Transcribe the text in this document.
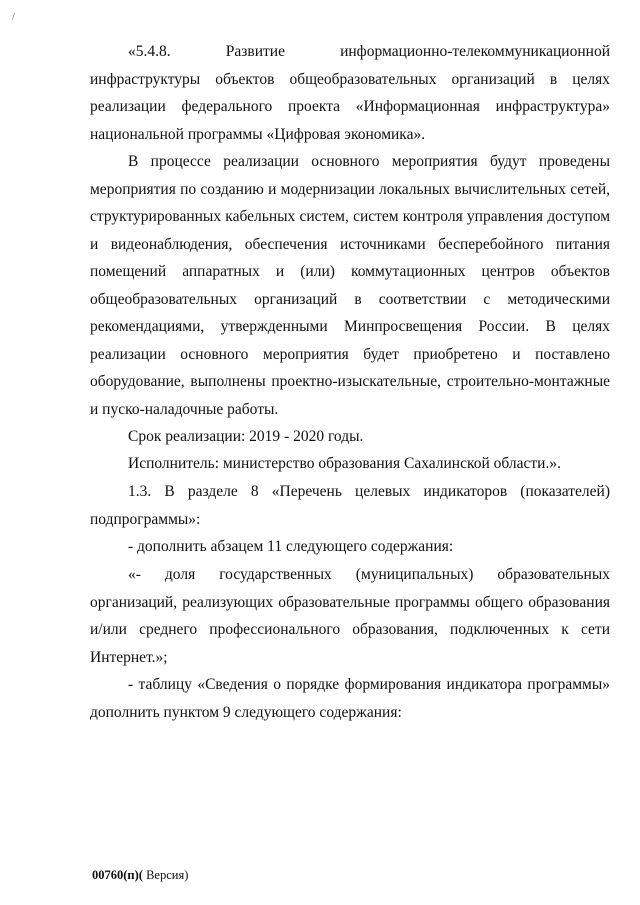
/
«5.4.8. Развитие информационно-телекоммуникационной инфраструктуры объектов общеобразовательных организаций в целях реализации федерального проекта «Информационная инфраструктура» национальной программы «Цифровая экономика».
В процессе реализации основного мероприятия будут проведены мероприятия по созданию и модернизации локальных вычислительных сетей, структурированных кабельных систем, систем контроля управления доступом и видеонаблюдения, обеспечения источниками бесперебойного питания помещений аппаратных и (или) коммутационных центров объектов общеобразовательных организаций в соответствии с методическими рекомендациями, утвержденными Минпросвещения России. В целях реализации основного мероприятия будет приобретено и поставлено оборудование, выполнены проектно-изыскательные, строительно-монтажные и пуско-наладочные работы.
Срок реализации: 2019 - 2020 годы.
Исполнитель: министерство образования Сахалинской области.».
1.3. В разделе 8 «Перечень целевых индикаторов (показателей) подпрограммы»:
- дополнить абзацем 11 следующего содержания:
«- доля государственных (муниципальных) образовательных организаций, реализующих образовательные программы общего образования и/или среднего профессионального образования, подключенных к сети Интернет.»;
- таблицу «Сведения о порядке формирования индикатора программы» дополнить пунктом 9 следующего содержания:
00760(п)( Версия)
